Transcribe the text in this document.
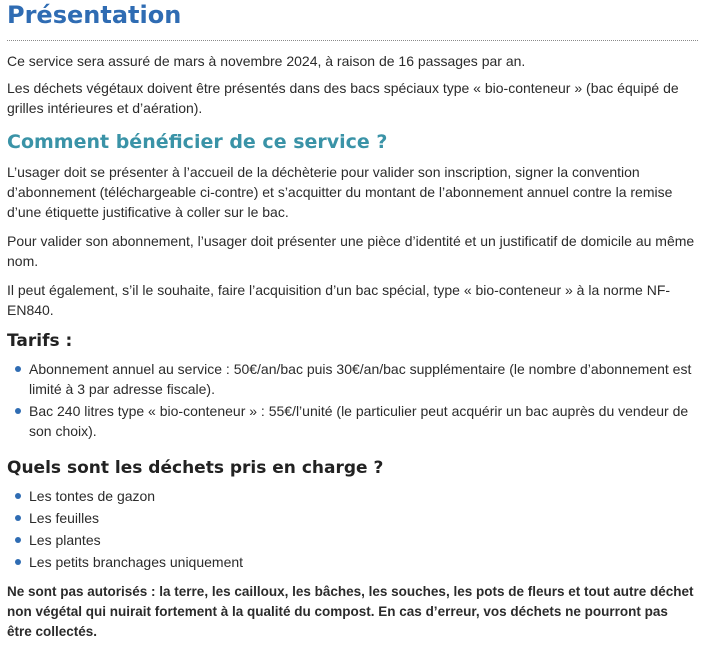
Présentation

Ce service sera assuré de mars à novembre 2024, à raison de 16 passages par an.

Les déchets végétaux doivent être présentés dans des bacs spéciaux type « bio-conteneur » (bac équipé de grilles intérieures et d’aération).

Comment bénéficier de ce service ?

L’usager doit se présenter à l’accueil de la déchèterie pour valider son inscription, signer la convention d’abonnement (téléchargeable ci-contre) et s’acquitter du montant de l’abonnement annuel contre la remise d’une étiquette justificative à coller sur le bac.

Pour valider son abonnement, l’usager doit présenter une pièce d’identité et un justificatif de domicile au même nom.

Il peut également, s’il le souhaite, faire l’acquisition d’un bac spécial, type « bio-conteneur » à la norme NF-EN840.

Tarifs :
Abonnement annuel au service : 50€/an/bac puis 30€/an/bac supplémentaire (le nombre d’abonnement est limité à 3 par adresse fiscale).
Bac 240 litres type « bio-conteneur » : 55€/l’unité (le particulier peut acquérir un bac auprès du vendeur de son choix).
Quels sont les déchets pris en charge ?
Les tontes de gazon
Les feuilles
Les plantes
Les petits branchages uniquement

Ne sont pas autorisés : la terre, les cailloux, les bâches, les souches, les pots de fleurs et tout autre déchet non végétal qui nuirait fortement à la qualité du compost. En cas d’erreur, vos déchets ne pourront pas être collectés.
